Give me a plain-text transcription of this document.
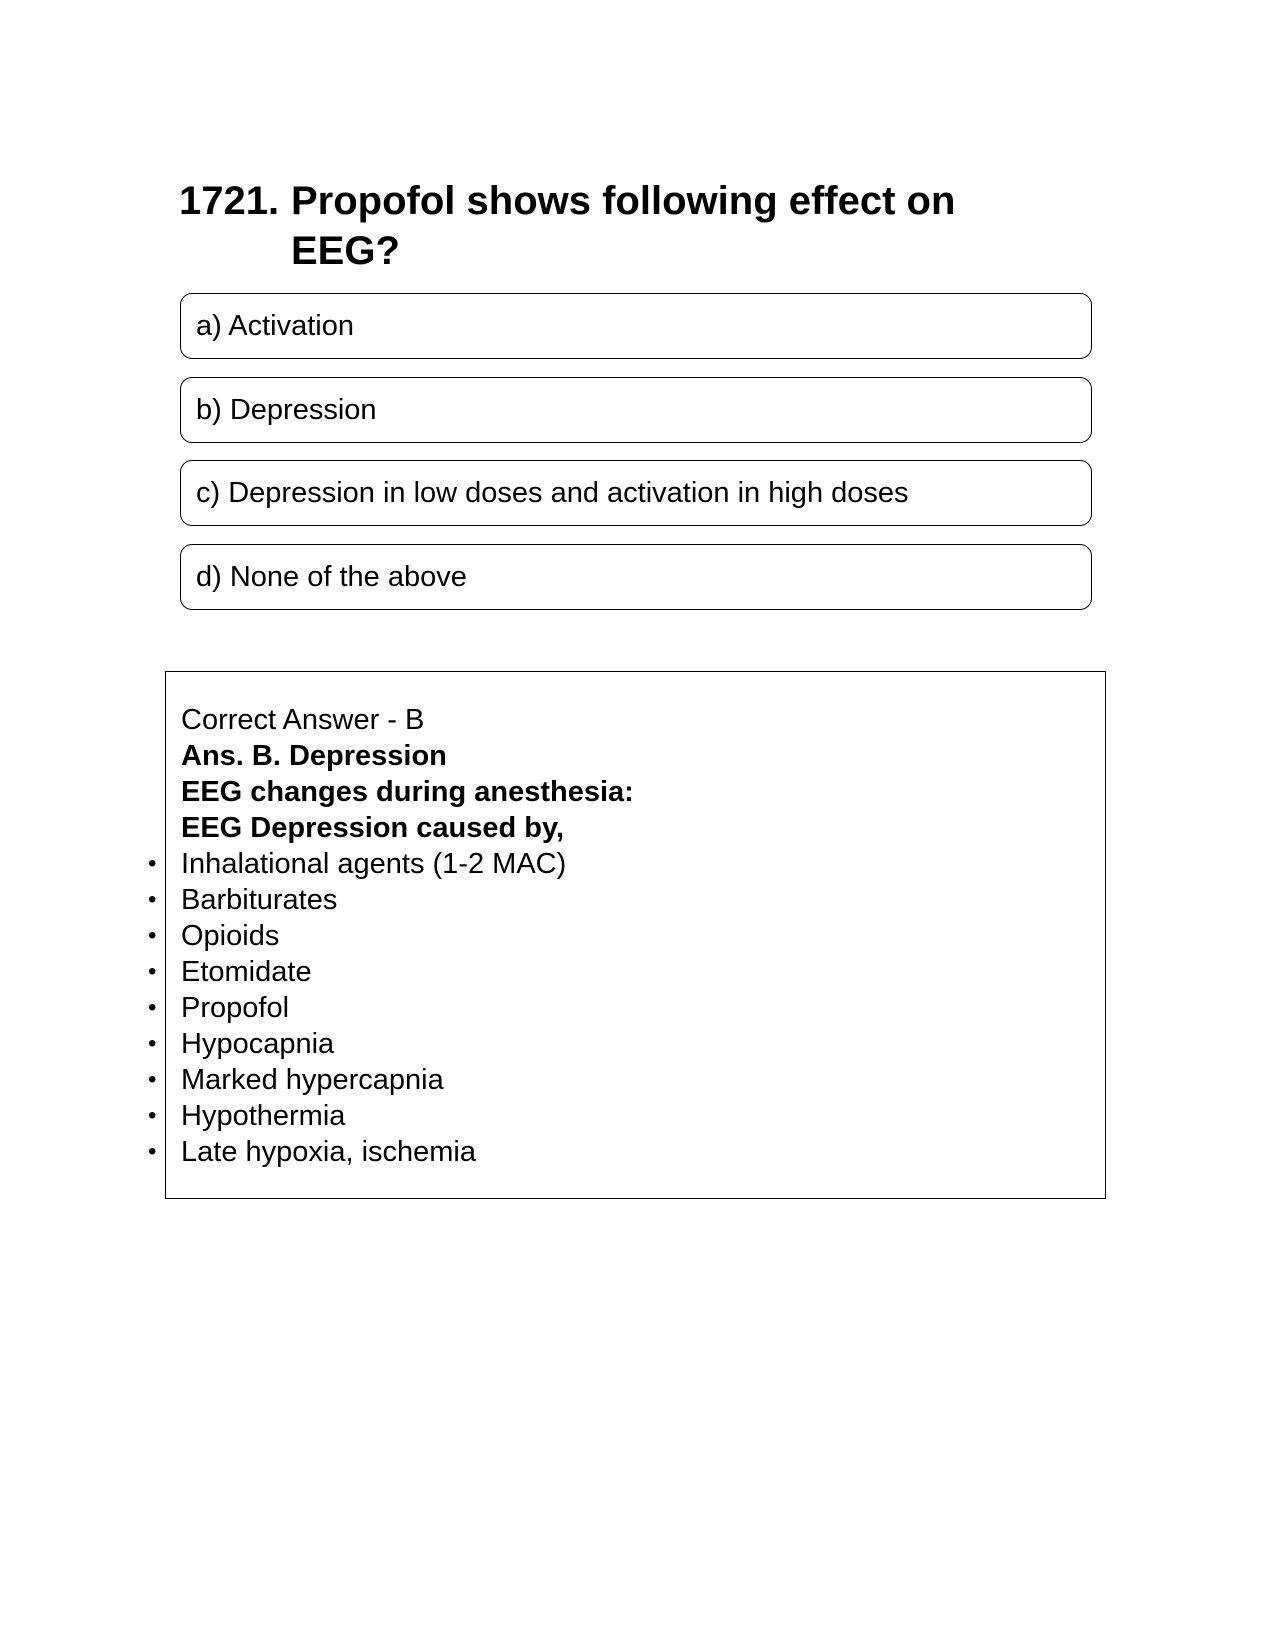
1721. Propofol shows following effect on EEG?
a) Activation
b) Depression
c) Depression in low doses and activation in high doses
d) None of the above
Correct Answer - B
Ans. B. Depression
EEG changes during anesthesia:
EEG Depression caused by,
• Inhalational agents (1-2 MAC)
• Barbiturates
• Opioids
• Etomidate
• Propofol
• Hypocapnia
• Marked hypercapnia
• Hypothermia
• Late hypoxia, ischemia
